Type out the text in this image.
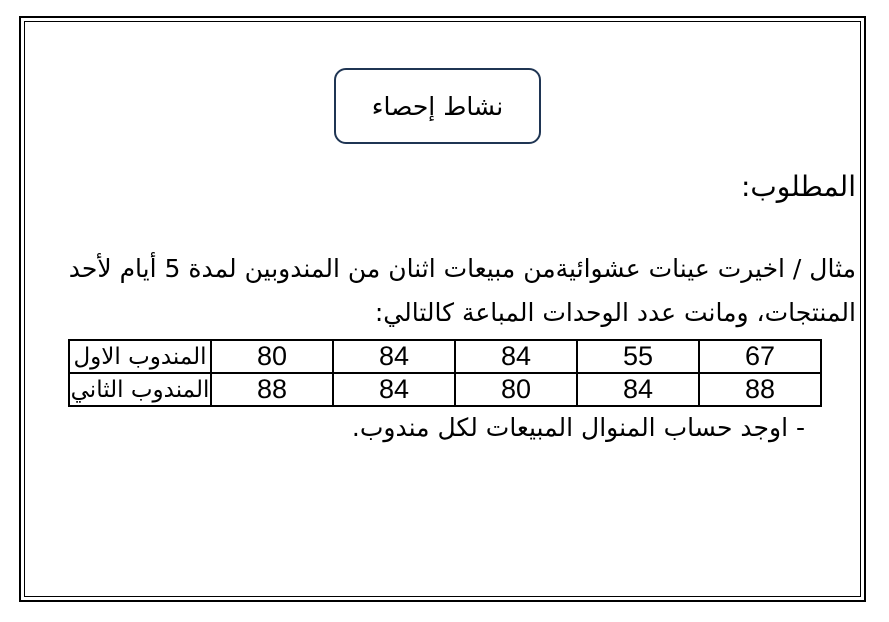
نشاط إحصاء
المطلوب:
مثال / اخيرت عينات عشوائيةمن مبيعات اثنان من المندوبين لمدة 5 أيام لأحد
المنتجات، ومانت عدد الوحدات المباعة كالتالي:
المندوب الاول	80	84	84	55	67
المندوب الثاني	88	84	80	84	88
- اوجد حساب المنوال المبيعات لكل مندوب.
